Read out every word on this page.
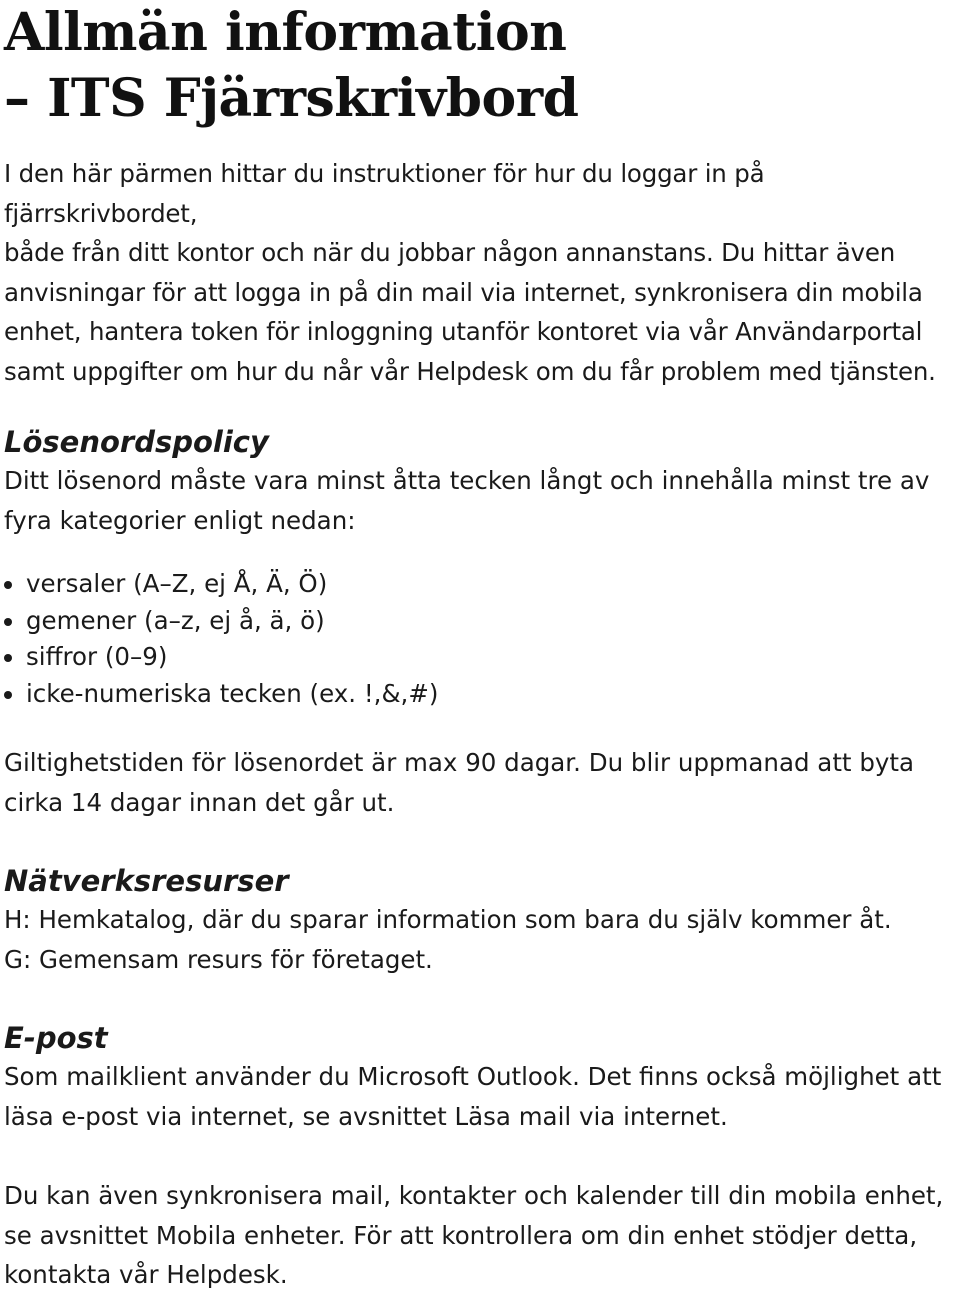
Allmän information
– ITS Fjärrskrivbord

I den här pärmen hittar du instruktioner för hur du loggar in på fjärrskrivbordet,
både från ditt kontor och när du jobbar någon annanstans. Du hittar även
anvisningar för att logga in på din mail via internet, synkronisera din mobila
enhet, hantera token för inloggning utanför kontoret via vår Användarportal
samt uppgifter om hur du når vår Helpdesk om du får problem med tjänsten.

Lösenordspolicy

Ditt lösenord måste vara minst åtta tecken långt och innehålla minst tre av
fyra kategorier enligt nedan:

versaler (A–Z, ej Å, Ä, Ö)
gemener (a–z, ej å, ä, ö)
siffror (0–9)
icke-numeriska tecken (ex. !,&,#)

Giltighetstiden för lösenordet är max 90 dagar. Du blir uppmanad att byta
cirka 14 dagar innan det går ut.

Nätverksresurser

H: Hemkatalog, där du sparar information som bara du själv kommer åt.
G: Gemensam resurs för företaget.

E-post

Som mailklient använder du Microsoft Outlook. Det finns också möjlighet att
läsa e-post via internet, se avsnittet Läsa mail via internet.

Du kan även synkronisera mail, kontakter och kalender till din mobila enhet,
se avsnittet Mobila enheter. För att kontrollera om din enhet stödjer detta,
kontakta vår Helpdesk.
